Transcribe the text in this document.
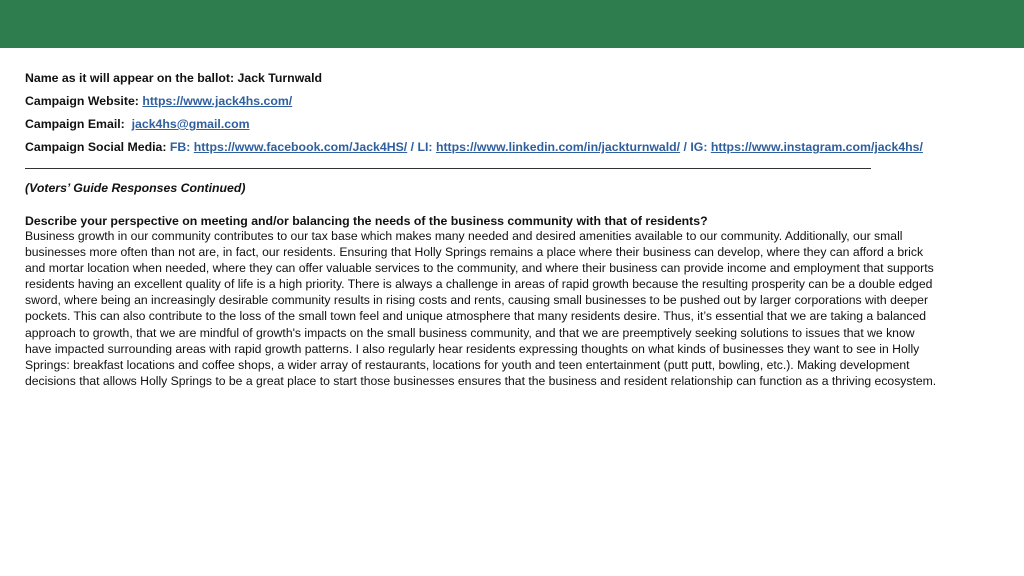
Name as it will appear on the ballot: Jack Turnwald
Campaign Website: https://www.jack4hs.com/
Campaign Email: jack4hs@gmail.com
Campaign Social Media: FB: https://www.facebook.com/Jack4HS/ / LI: https://www.linkedin.com/in/jackturnwald/ / IG: https://www.instagram.com/jack4hs/
(Voters’ Guide Responses Continued)
Describe your perspective on meeting and/or balancing the needs of the business community with that of residents?
Business growth in our community contributes to our tax base which makes many needed and desired amenities available to our community. Additionally, our small
businesses more often than not are, in fact, our residents. Ensuring that Holly Springs remains a place where their business can develop, where they can afford a brick
and mortar location when needed, where they can offer valuable services to the community, and where their business can provide income and employment that supports
residents having an excellent quality of life is a high priority. There is always a challenge in areas of rapid growth because the resulting prosperity can be a double edged
sword, where being an increasingly desirable community results in rising costs and rents, causing small businesses to be pushed out by larger corporations with deeper
pockets. This can also contribute to the loss of the small town feel and unique atmosphere that many residents desire. Thus, it’s essential that we are taking a balanced
approach to growth, that we are mindful of growth's impacts on the small business community, and that we are preemptively seeking solutions to issues that we know
have impacted surrounding areas with rapid growth patterns. I also regularly hear residents expressing thoughts on what kinds of businesses they want to see in Holly
Springs: breakfast locations and coffee shops, a wider array of restaurants, locations for youth and teen entertainment (putt putt, bowling, etc.). Making development
decisions that allows Holly Springs to be a great place to start those businesses ensures that the business and resident relationship can function as a thriving ecosystem.
